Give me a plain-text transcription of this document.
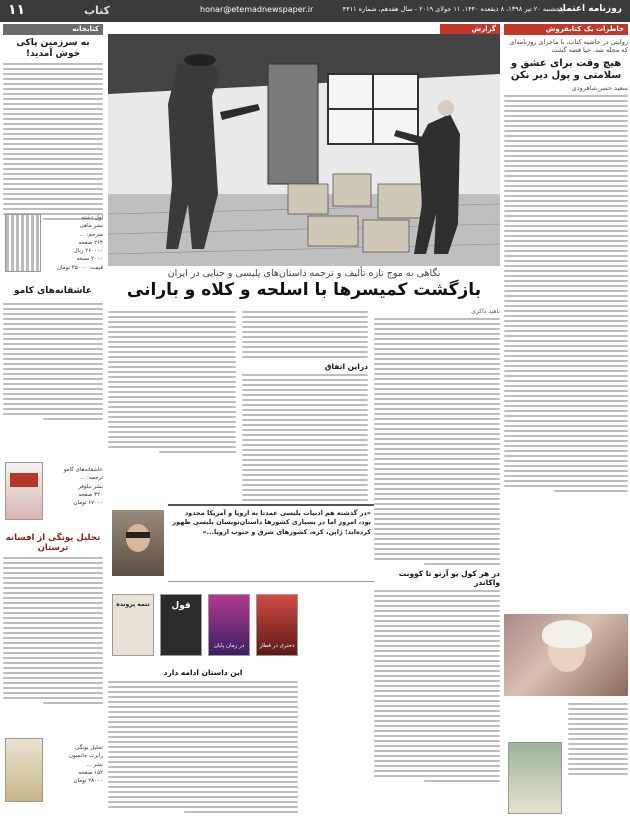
۱۱	کتاب	honar@etemadnewspaper.ir	پنجشنبه ۲۰ تیر ۱۳۹۸، ۸ ذیقعده ۱۴۴۰، ۱۱ جولای ۲۰۱۹ - سال هفدهم، شماره ۴۴۱۱
روزنامه اعتماد
خاطرات یک کتابفروش
روایتی در حاشیه کتاب، با ماجرای روزنامه‌ای که مجله شد. حیا قصه گشت
هیچ وقت برای عشق و سلامتی و پول دیر نکن
سعید حسن‌شاهرودی
کتابخانه
به سرزمین پاکی خوش آمدید!
اول دشته
نشر ماهی
مترجم: ...
۲۶۴ صفحه
۲۶۰۰۰۰ ریال
۲۰۰۰ نسخه
قیمت: ۴۵۰۰۰ تومان
عاشقانه‌های کامو
عاشقانه‌های کامو
ترجمه: ...
نشر نیلوفر
۳۲۰ صفحه
۶۷۰۰۰ تومان
تحلیل یونگی از افسانه ترستان
تحلیل یونگی
رابرت جانسون
نشر ...
۱۵۲ صفحه
۲۸۰۰۰ تومان
گزارش
نگاهی به موج تازه تألیف و ترجمه داستان‌های پلیسی و جنایی در ایران
بازگشت کمیسرها با اسلحه و کلاه و بارانی
ناهید ذاکری
در هر کول یو آرتو تا کوونت واکاندر
دراین اتفاق
«در گذشته هم ادبیات پلیسی عمدتا به اروپا و آمریکا محدود بود، امروز اما در بسیاری کشورها داستان‌نویسان پلیسی ظهور کرده‌اند؛ ژاپن، کره، کشورهای شرق و جنوب اروپا...»
تتمه پرونده	قول
در زمان پایان	دختری در قطار
این داستان ادامه دارد
